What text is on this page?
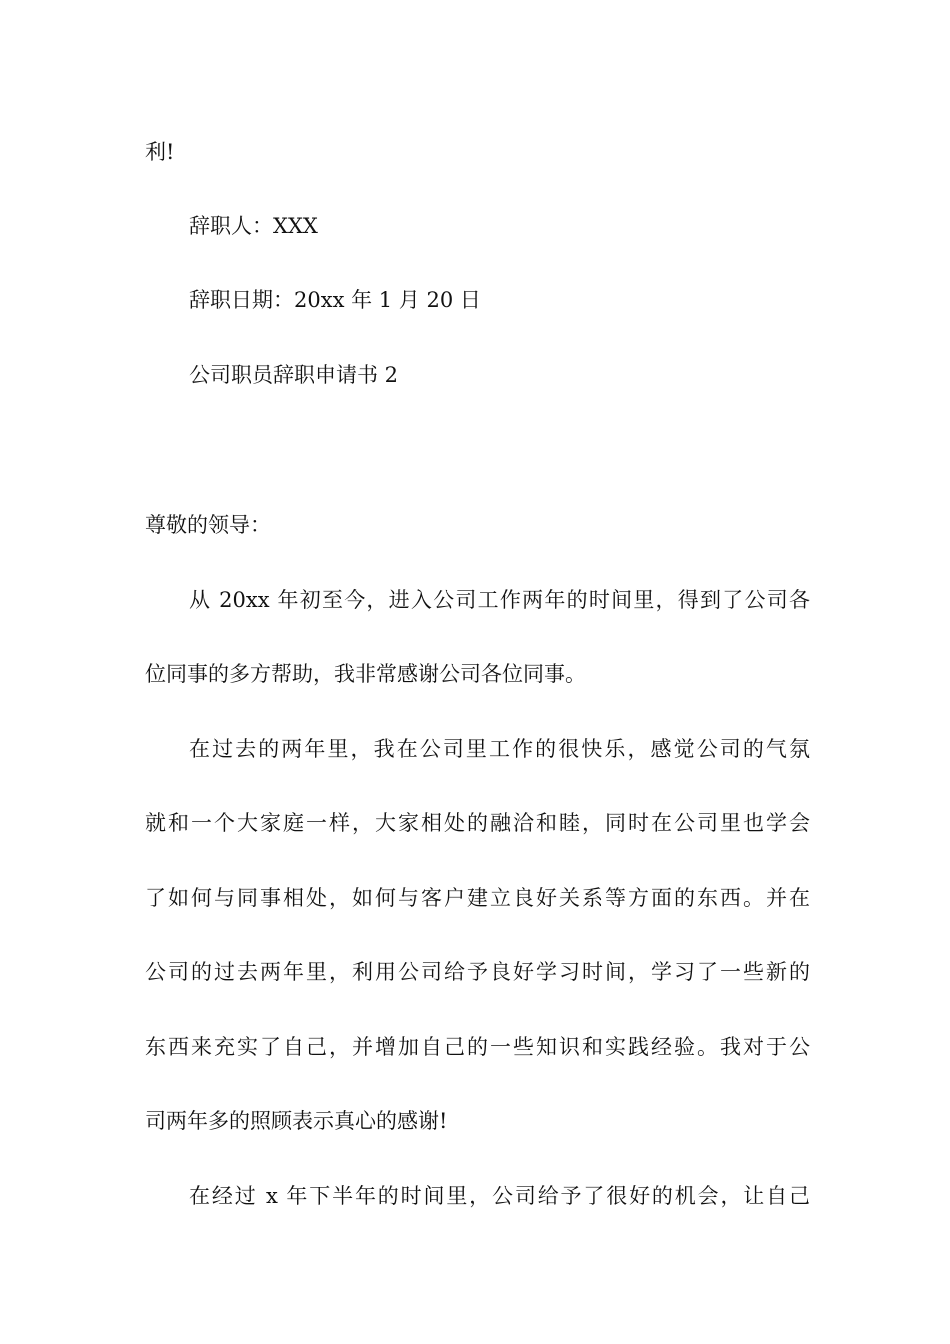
利!
辞职人：XXX
辞职日期：20xx 年 1 月 20 日
公司职员辞职申请书 2
尊敬的领导：
从 20xx 年初至今，进入公司工作两年的时间里，得到了公司各
位同事的多方帮助，我非常感谢公司各位同事。
在过去的两年里，我在公司里工作的很快乐，感觉公司的气氛
就和一个大家庭一样，大家相处的融洽和睦，同时在公司里也学会
了如何与同事相处，如何与客户建立良好关系等方面的东西。并在
公司的过去两年里，利用公司给予良好学习时间，学习了一些新的
东西来充实了自己，并增加自己的一些知识和实践经验。我对于公
司两年多的照顾表示真心的感谢!
在经过 x 年下半年的时间里，公司给予了很好的机会，让自己
